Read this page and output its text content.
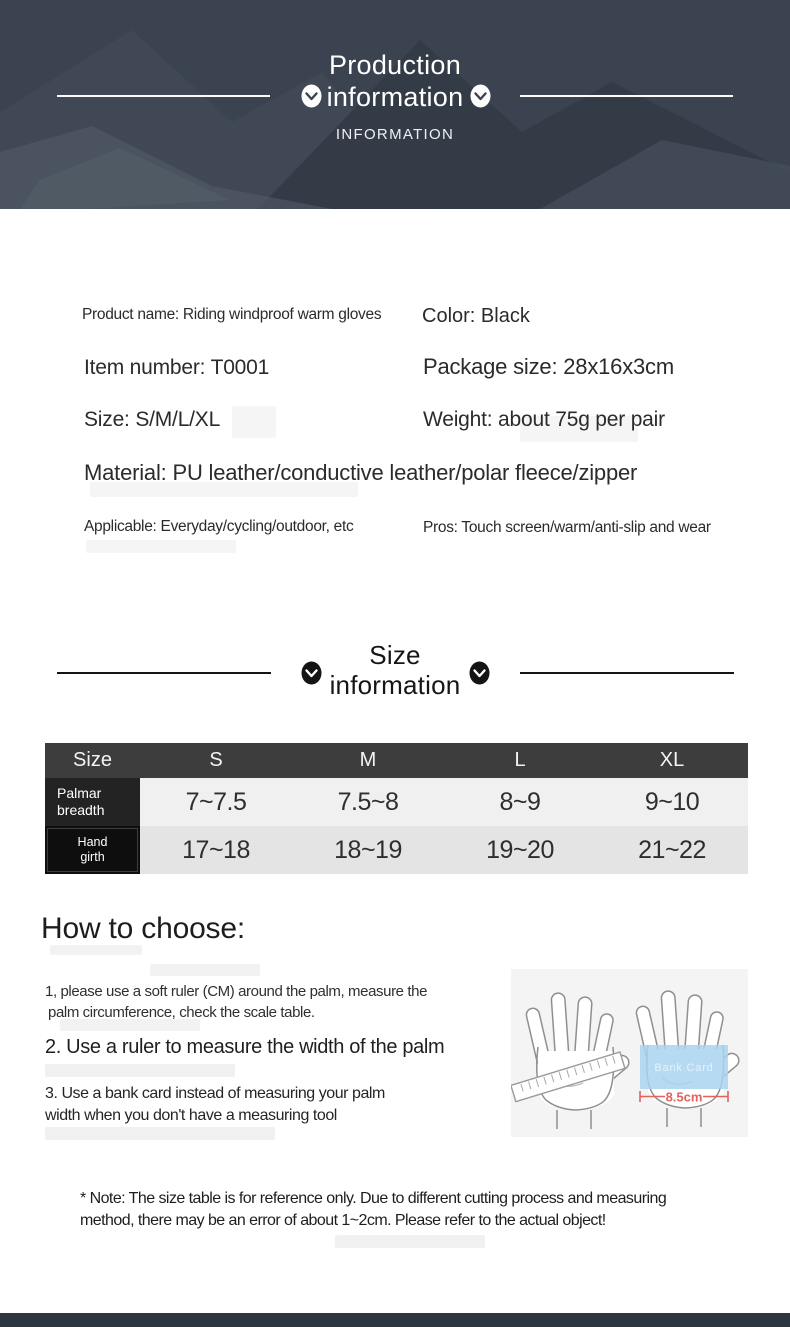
Production
information
INFORMATION
Product name: Riding windproof warm gloves Color: Black
Item number: T0001	Package size: 28x16x3cm
Size: S/M/L/XL	Weight: about 75g per pair
Material: PU leather/conductive leather/polar fleece/zipper
Applicable: Everyday/cycling/outdoor, etc	Pros: Touch screen/warm/anti-slip and wear
Size
information
Size	S	M	L	XL
Palmar breadth	7~7.5	7.5~8	8~9	9~10
Hand girth	17~18	18~19	19~20	21~22
How to choose:
1, please use a soft ruler (CM) around the palm, measure the
palm circumference, check the scale table.
2. Use a ruler to measure the width of the palm
3. Use a bank card instead of measuring your palm
width when you don't have a measuring tool
Bank Card
8.5cm
* Note: The size table is for reference only. Due to different cutting process and measuring
method, there may be an error of about 1~2cm. Please refer to the actual object!
